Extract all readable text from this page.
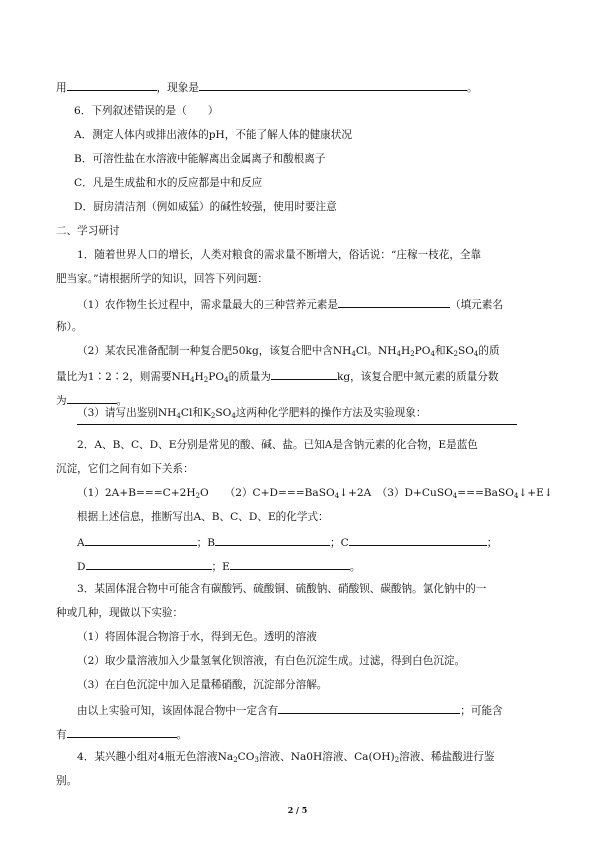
用	，现象是	。
6．下列叙述错误的是（　　）
A．测定人体内或排出液体的pH，不能了解人体的健康状况
B．可溶性盐在水溶液中能解离出金属离子和酸根离子
C．凡是生成盐和水的反应都是中和反应
D．厨房清洁剂（例如威猛）的碱性较强，使用时要注意
二、学习研讨
1．随着世界人口的增长，人类对粮食的需求量不断增大，俗话说：“庄稼一枝花，全靠
肥当家。”请根据所学的知识，回答下列问题：
（1）农作物生长过程中，需求量最大的三种营养元素是	（填元素名
称）。
（2）某农民准备配制一种复合肥50kg，该复合肥中含$NH_4Cl$。$NH_4H_2PO_4$和$K_2SO_4$的质
量比为1∶2∶2，则需要$NH_4H_2PO_4$的质量为	kg，该复合肥中氮元素的质量分数
为	。
（3）请写出鉴别$NH_4Cl$和$K_2SO_4$这两种化学肥料的操作方法及实验现象：
2．A、B、C、D、E分别是常见的酸、碱、盐。已知A是含钠元素的化合物，E是蓝色
沉淀，它们之间有如下关系：
$(1)2A+B===C+2H_2O$　　（2）C+D===BaSO$_4$↓+2A　（3）D+CuSO$_4$===BaSO$_4$↓+E↓
根据上述信息，推断写出A、B、C、D、E的化学式：
A	；B	；C	；
D	；E	。
3．某固体混合物中可能含有碳酸钙、硫酸铜、硫酸钠、硝酸钡、碳酸钠。氯化钠中的一
种或几种，现做以下实验：
（1）将固体混合物溶于水，得到无色。透明的溶液
（2）取少量溶液加入少量氢氧化钡溶液，有白色沉淀生成。过滤，得到白色沉淀。
（3）在白色沉淀中加入足量稀硝酸，沉淀部分溶解。
由以上实验可知，该固体混合物中一定含有	；可能含
有	。
4．某兴趣小组对4瓶无色溶液$Na_2CO_3$溶液、Na0H溶液、$Ca(OH)_2$溶液、稀盐酸进行鉴
别。
2 / 5
